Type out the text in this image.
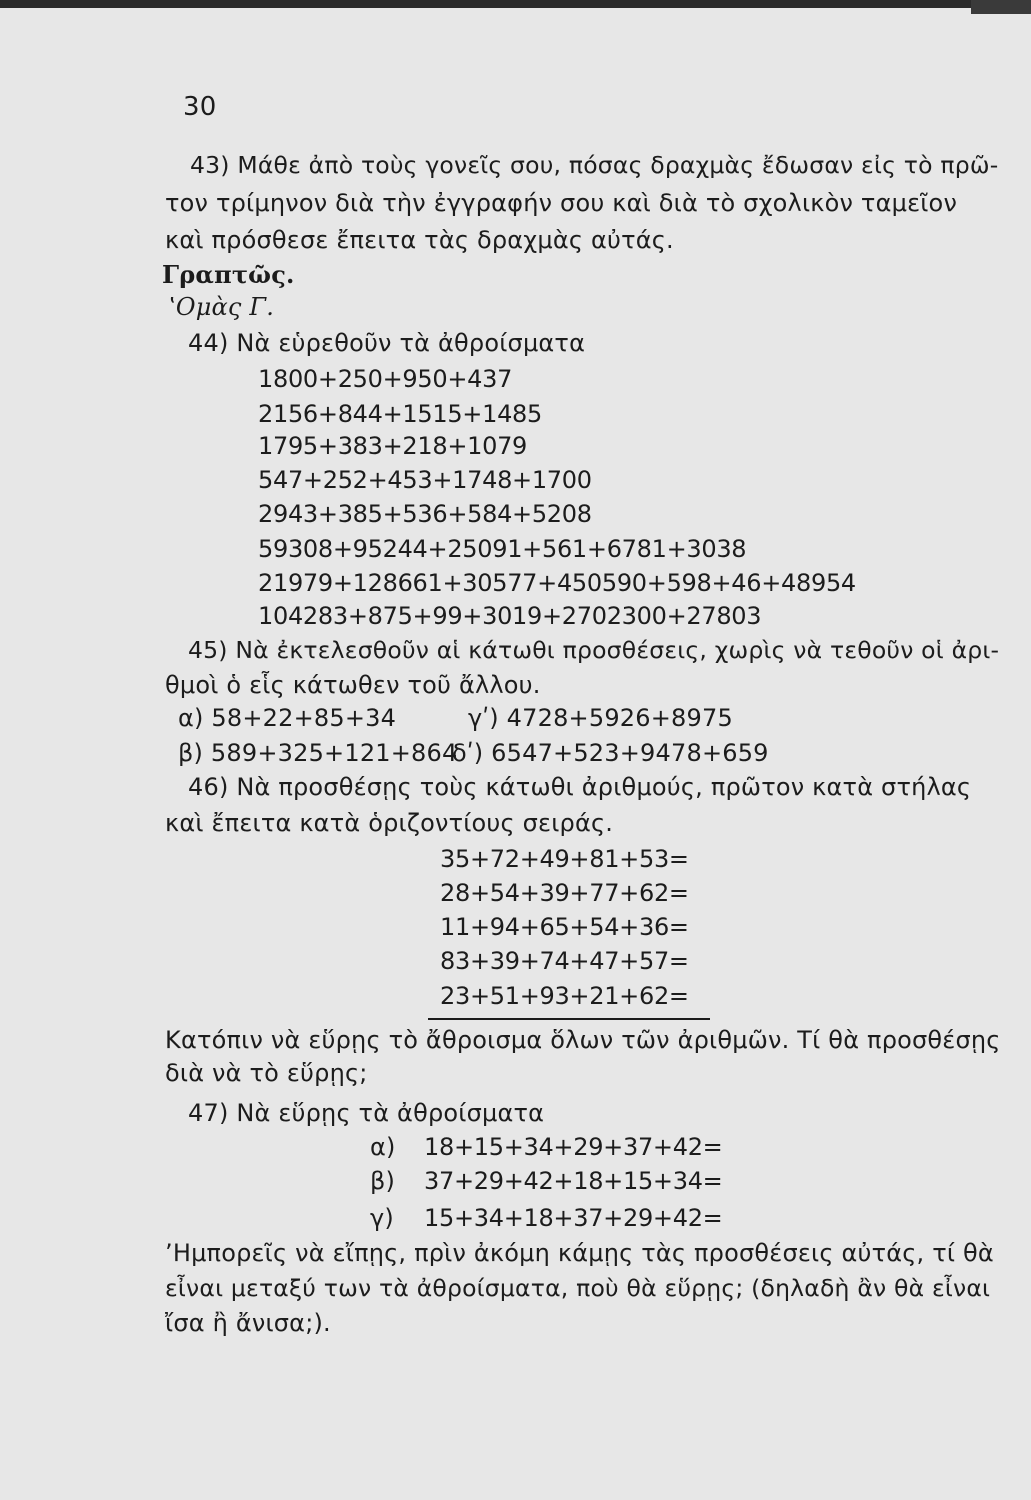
30
43) Μάθε ἀπὸ τοὺς γονεῖς σου, πόσας δραχμὰς ἔδωσαν εἰς τὸ πρῶ-
τον τρίμηνον διὰ τὴν ἐγγραφήν σου καὶ διὰ τὸ σχολικὸν ταμεῖον
καὶ πρόσθεσε ἔπειτα τὰς δραχμὰς αὐτάς.
Γραπτῶς.
ʽΟμὰς Γ.
44) Νὰ εὑρεθοῦν τὰ ἀθροίσματα
1800+250+950+437
2156+844+1515+1485
1795+383+218+1079
547+252+453+1748+1700
2943+385+536+584+5208
59308+95244+25091+561+6781+3038
21979+128661+30577+450590+598+46+48954
104283+875+99+3019+2702300+27803
45) Νὰ ἐκτελεσθοῦν αἱ κάτωθι προσθέσεις, χωρὶς νὰ τεθοῦν οἱ ἀρι-
θμοὶ ὁ εἷς κάτωθεν τοῦ ἄλλου.
α) 58+22+85+34	γʹ) 4728+5926+8975
β) 589+325+121+864
δʹ) 6547+523+9478+659
46) Νὰ προσθέσῃς τοὺς κάτωθι ἀριθμούς, πρῶτον κατὰ στήλας
καὶ ἔπειτα κατὰ ὁριζοντίους σειράς.
35+72+49+81+53=
28+54+39+77+62=
11+94+65+54+36=
83+39+74+47+57=
23+51+93+21+62=
Κατόπιν νὰ εὕρῃς τὸ ἄθροισμα ὅλων τῶν ἀριθμῶν. Τί θὰ προσθέσῃς
διὰ νὰ τὸ εὕρῃς;
47) Νὰ εὕρῃς τὰ ἀθροίσματα
α) 18+15+34+29+37+42=
β) 37+29+42+18+15+34=
γ) 15+34+18+37+29+42=
ʼΗμπορεῖς νὰ εἴπῃς, πρὶν ἀκόμη κάμῃς τὰς προσθέσεις αὐτάς, τί θὰ
εἶναι μεταξύ των τὰ ἀθροίσματα, ποὺ θὰ εὕρῃς; (δηλαδὴ ἂν θὰ εἶναι
ἴσα ἢ ἄνισα;).
